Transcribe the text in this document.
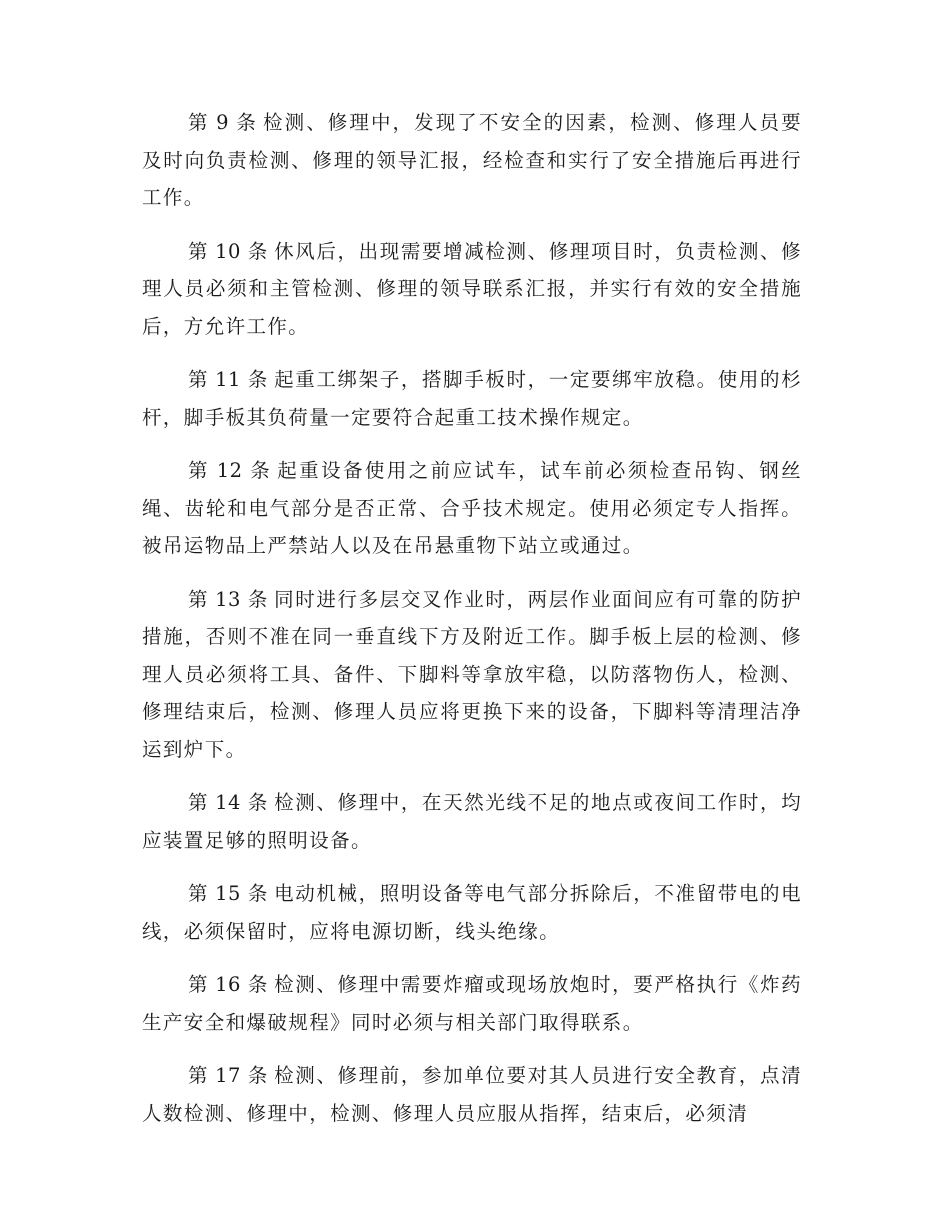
第 9 条 检测、修理中，发现了不安全的因素，检测、修理人员要及时向负责检测、修理的领导汇报，经检查和实行了安全措施后再进行工作。

第 10 条 休风后，出现需要增减检测、修理项目时，负责检测、修理人员必须和主管检测、修理的领导联系汇报，并实行有效的安全措施后，方允许工作。

第 11 条 起重工绑架子，搭脚手板时，一定要绑牢放稳。使用的杉杆，脚手板其负荷量一定要符合起重工技术操作规定。

第 12 条 起重设备使用之前应试车，试车前必须检查吊钩、钢丝绳、齿轮和电气部分是否正常、合乎技术规定。使用必须定专人指挥。被吊运物品上严禁站人以及在吊悬重物下站立或通过。

第 13 条 同时进行多层交叉作业时，两层作业面间应有可靠的防护措施，否则不准在同一垂直线下方及附近工作。脚手板上层的检测、修理人员必须将工具、备件、下脚料等拿放牢稳，以防落物伤人，检测、修理结束后，检测、修理人员应将更换下来的设备，下脚料等清理洁净运到炉下。

第 14 条 检测、修理中，在天然光线不足的地点或夜间工作时，均应装置足够的照明设备。

第 15 条 电动机械，照明设备等电气部分拆除后，不准留带电的电线，必须保留时，应将电源切断，线头绝缘。

第 16 条 检测、修理中需要炸瘤或现场放炮时，要严格执行《炸药生产安全和爆破规程》同时必须与相关部门取得联系。

第 17 条 检测、修理前，参加单位要对其人员进行安全教育，点清人数检测、修理中，检测、修理人员应服从指挥，结束后，必须清
